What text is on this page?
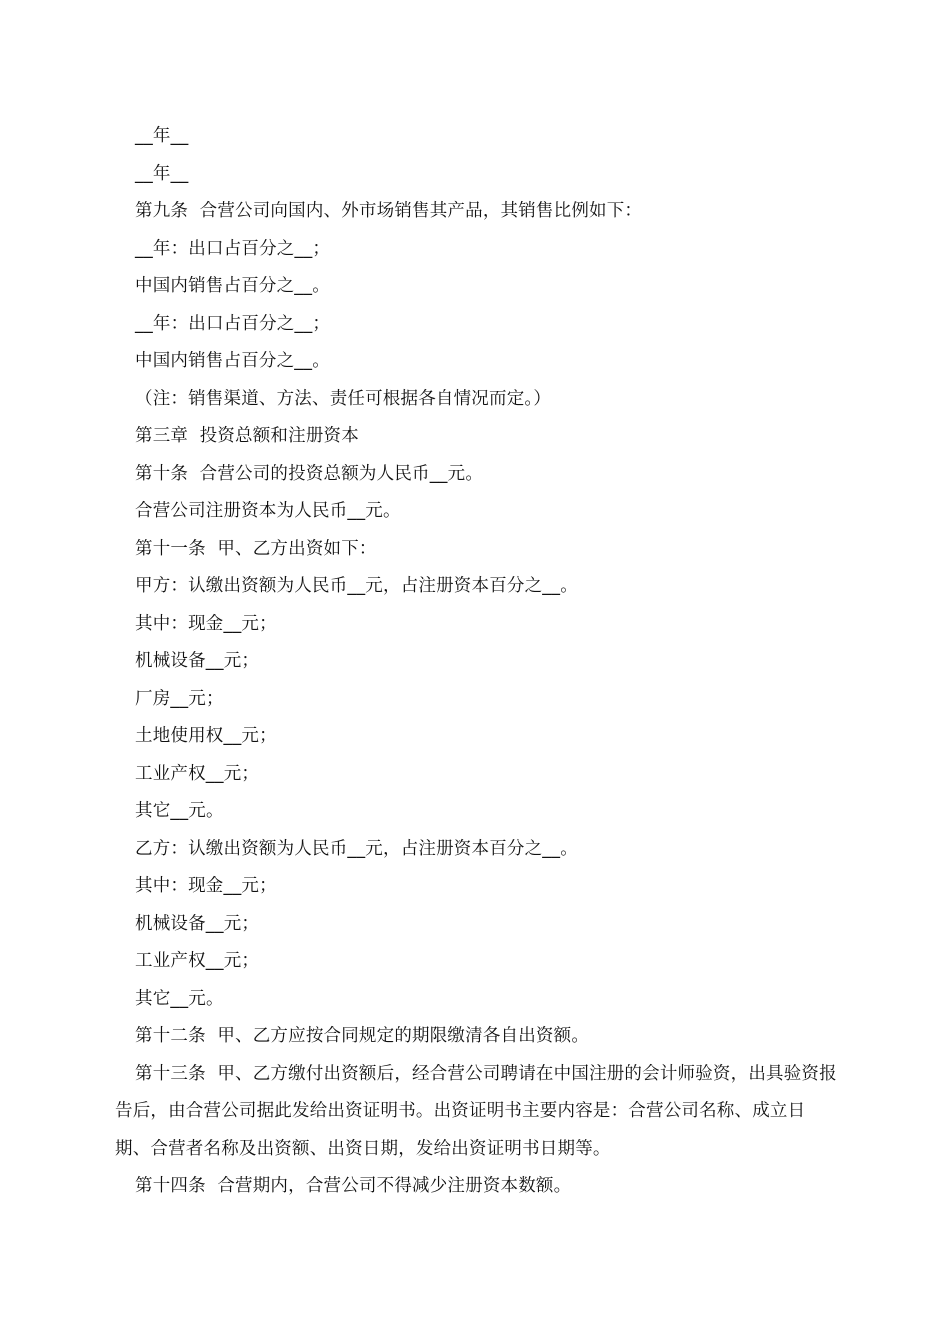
__年__

__年__

第九条  合营公司向国内、外市场销售其产品，其销售比例如下：

__年：出口占百分之__；

中国内销售占百分之__。

__年：出口占百分之__；

中国内销售占百分之__。

（注：销售渠道、方法、责任可根据各自情况而定。）

第三章  投资总额和注册资本

第十条  合营公司的投资总额为人民币__元。

合营公司注册资本为人民币__元。

第十一条  甲、乙方出资如下：

甲方：认缴出资额为人民币__元，占注册资本百分之__。

其中：现金__元；

机械设备__元；

厂房__元；

土地使用权__元；

工业产权__元；

其它__元。

乙方：认缴出资额为人民币__元，占注册资本百分之__。

其中：现金__元；

机械设备__元；

工业产权__元；

其它__元。

第十二条  甲、乙方应按合同规定的期限缴清各自出资额。

第十三条  甲、乙方缴付出资额后，经合营公司聘请在中国注册的会计师验资，出具验资报告后，由合营公司据此发给出资证明书。出资证明书主要内容是：合营公司名称、成立日期、合营者名称及出资额、出资日期，发给出资证明书日期等。

第十四条  合营期内，合营公司不得减少注册资本数额。
